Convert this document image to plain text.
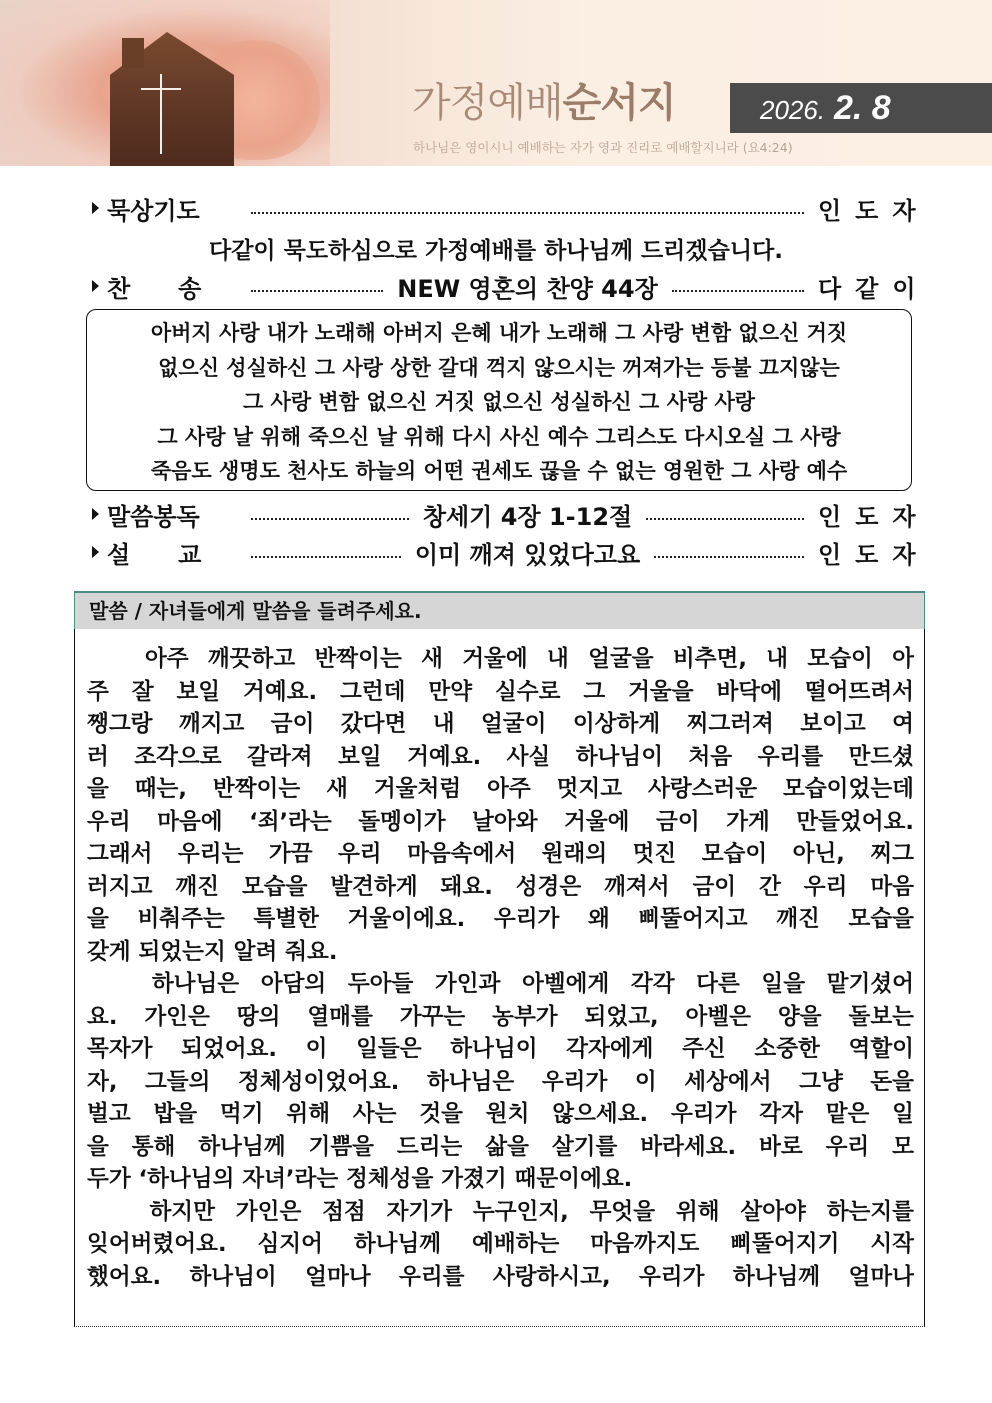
가정예배순서지	2026. 2. 8
하나님은 영이시니 예배하는 자가 영과 진리로 예배할지니라 (요4:24)
묵상기도	인도자
다같이 묵도하심으로 가정예배를 하나님께 드리겠습니다.
찬송	NEW 영혼의 찬양 44장	다같이
아버지 사랑 내가 노래해 아버지 은혜 내가 노래해 그 사랑 변함 없으신 거짓
없으신 성실하신 그 사랑 상한 갈대 꺽지 않으시는 꺼져가는 등불 끄지않는
그 사랑 변함 없으신 거짓 없으신 성실하신 그 사랑 사랑
그 사랑 날 위해 죽으신 날 위해 다시 사신 예수 그리스도 다시오실 그 사랑
죽음도 생명도 천사도 하늘의 어떤 권세도 끊을 수 없는 영원한 그 사랑 예수
말씀봉독	창세기 4장 1-12절	인도자
설교	이미 깨져 있었다고요	인도자
말씀 / 자녀들에게 말씀을 들려주세요.
아주 깨끗하고 반짝이는 새 거울에 내 얼굴을 비추면, 내 모습이 아
주 잘 보일 거예요. 그런데 만약 실수로 그 거울을 바닥에 떨어뜨려서
쨍그랑 깨지고 금이 갔다면 내 얼굴이 이상하게 찌그러져 보이고 여
러 조각으로 갈라져 보일 거예요. 사실 하나님이 처음 우리를 만드셨
을 때는, 반짝이는 새 거울처럼 아주 멋지고 사랑스러운 모습이었는데
우리 마음에 ‘죄’라는 돌멩이가 날아와 거울에 금이 가게 만들었어요.
그래서 우리는 가끔 우리 마음속에서 원래의 멋진 모습이 아닌, 찌그
러지고 깨진 모습을 발견하게 돼요. 성경은 깨져서 금이 간 우리 마음
을 비춰주는 특별한 거울이에요. 우리가 왜 삐뚤어지고 깨진 모습을
갖게 되었는지 알려 줘요.
하나님은 아담의 두아들 가인과 아벨에게 각각 다른 일을 맡기셨어
요. 가인은 땅의 열매를 가꾸는 농부가 되었고, 아벨은 양을 돌보는
목자가 되었어요. 이 일들은 하나님이 각자에게 주신 소중한 역할이
자, 그들의 정체성이었어요. 하나님은 우리가 이 세상에서 그냥 돈을
벌고 밥을 먹기 위해 사는 것을 원치 않으세요. 우리가 각자 맡은 일
을 통해 하나님께 기쁨을 드리는 삶을 살기를 바라세요. 바로 우리 모
두가 ‘하나님의 자녀’라는 정체성을 가졌기 때문이에요.
하지만 가인은 점점 자기가 누구인지, 무엇을 위해 살아야 하는지를
잊어버렸어요. 심지어 하나님께 예배하는 마음까지도 삐뚤어지기 시작
했어요. 하나님이 얼마나 우리를 사랑하시고, 우리가 하나님께 얼마나
